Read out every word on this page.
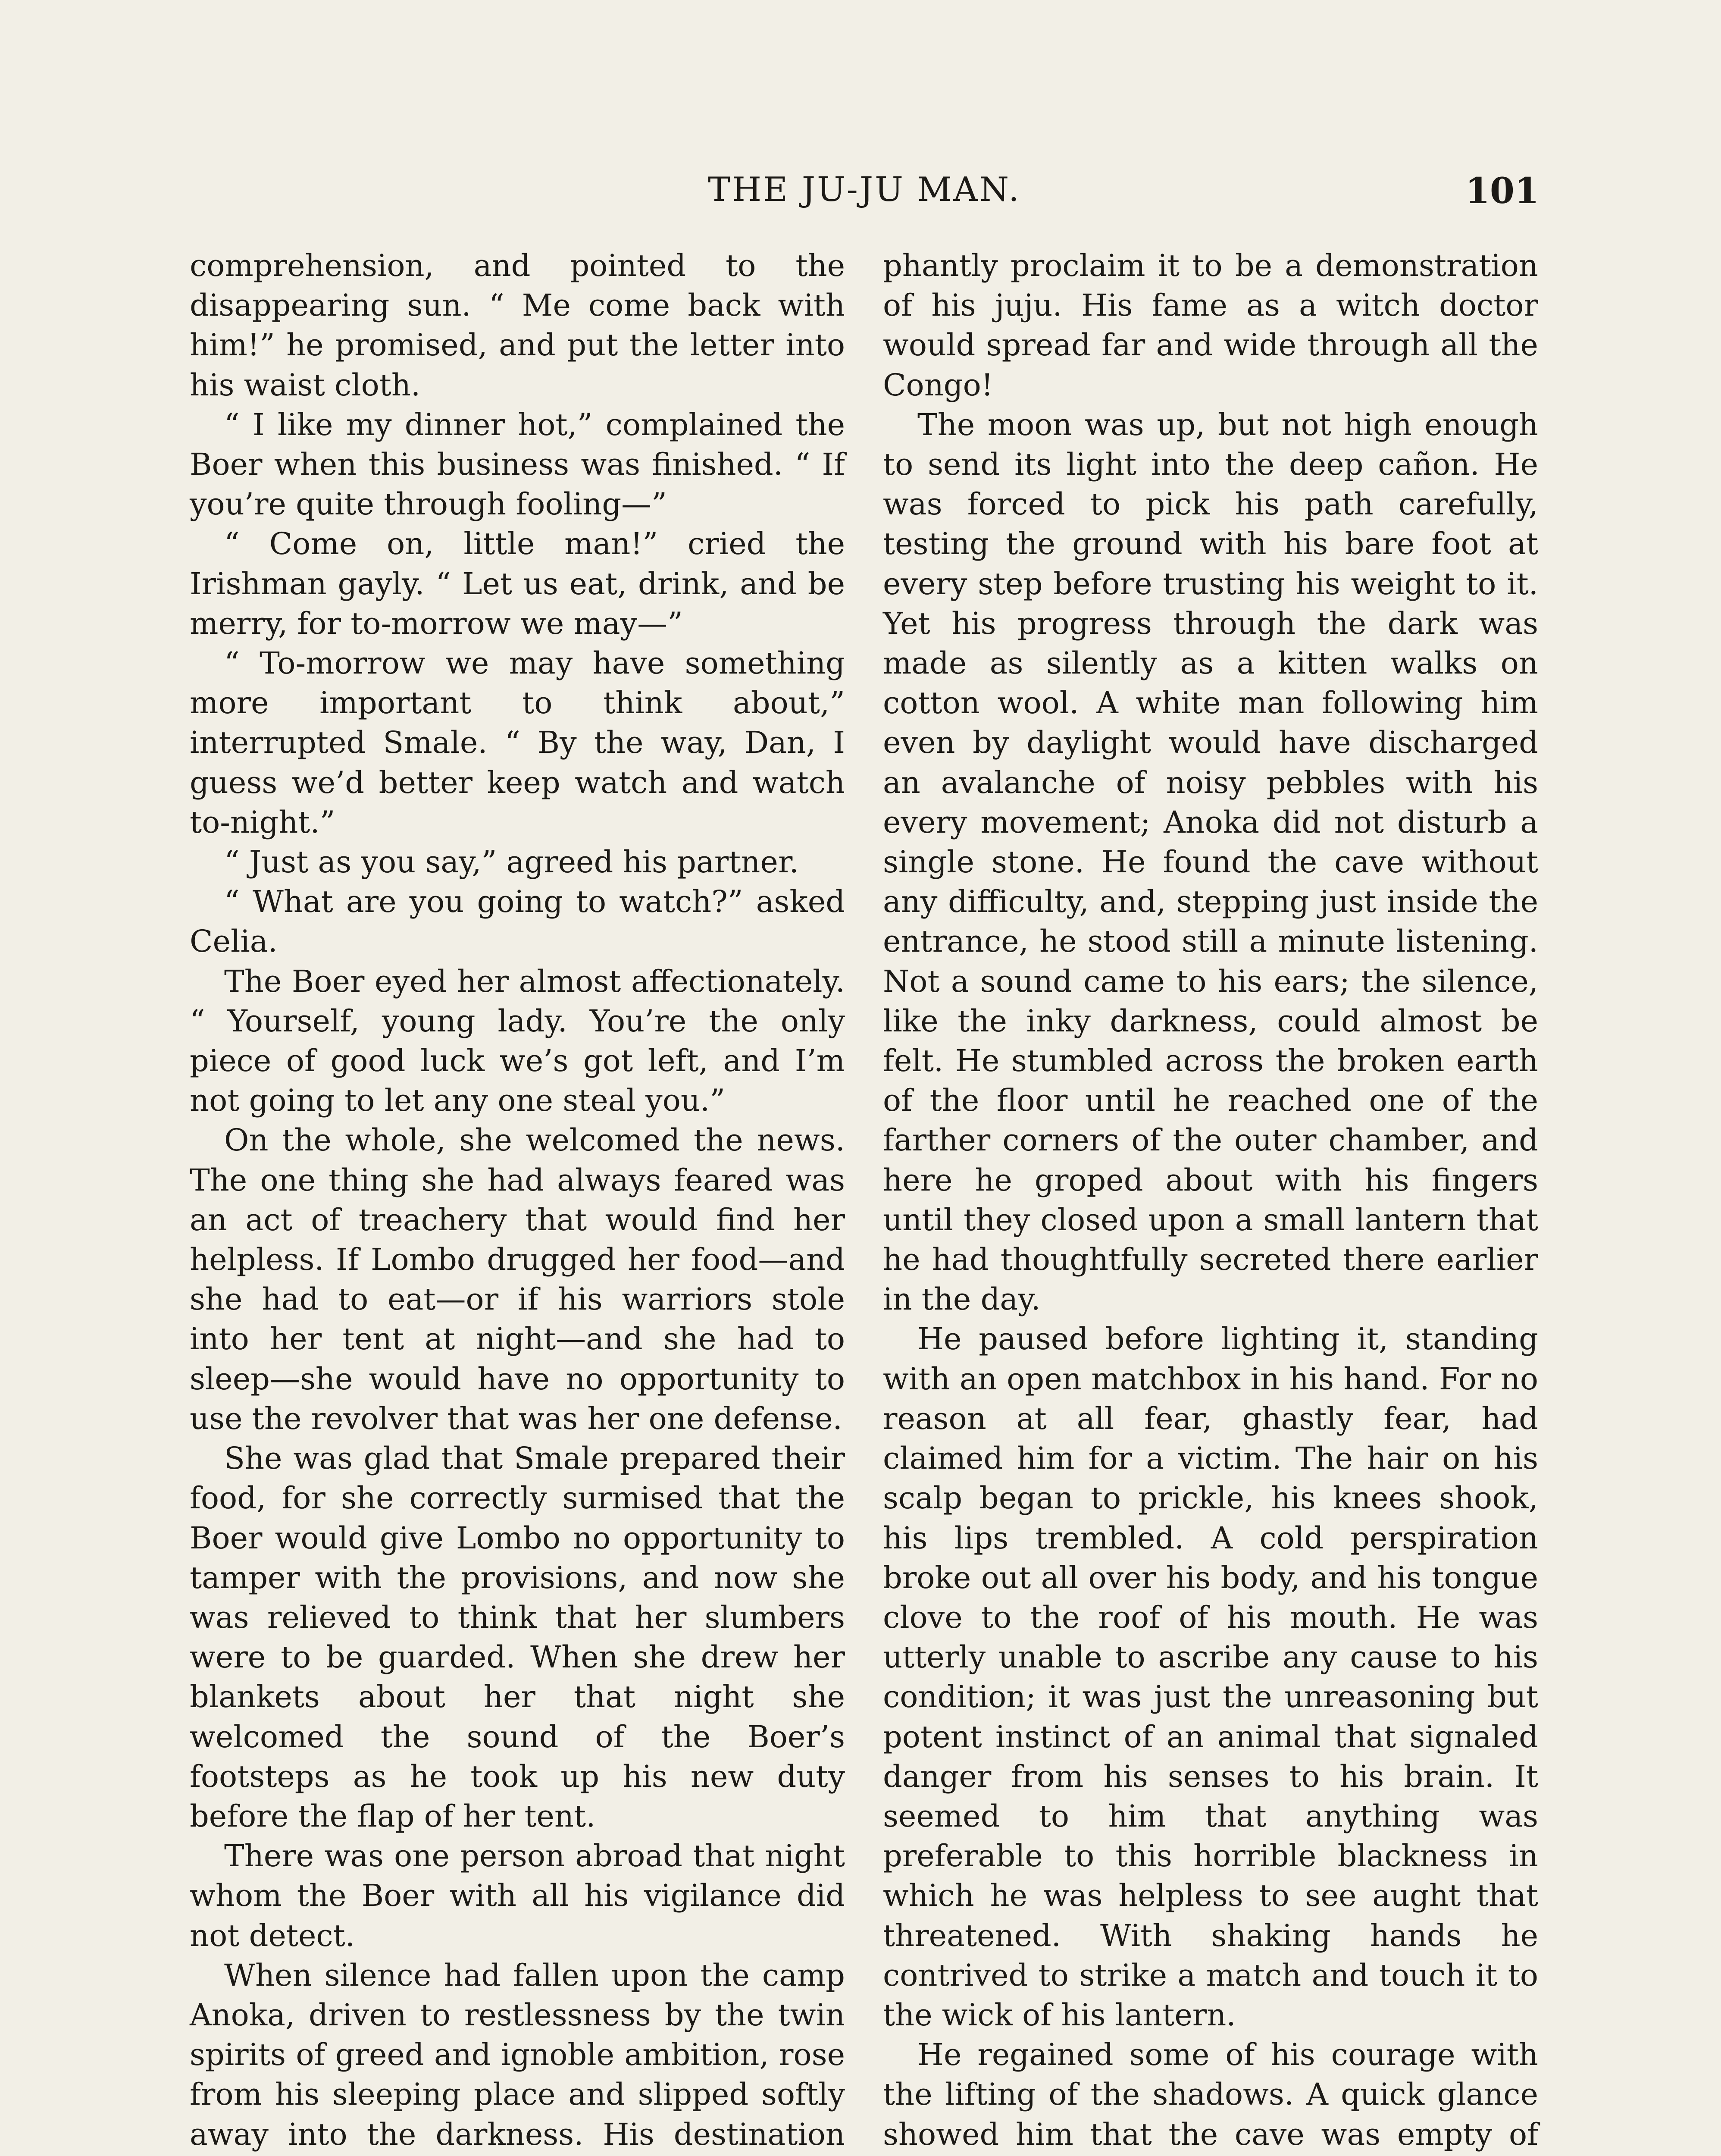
THE JU-JU MAN.	101

comprehension, and pointed to the disappearing sun. “ Me come back with him!” he promised, and put the letter into his waist cloth.

“ I like my dinner hot,” complained the Boer when this business was finished. “ If you’re quite through fooling—”

“ Come on, little man!” cried the Irishman gayly. “ Let us eat, drink, and be merry, for to-morrow we may—”

“ To-morrow we may have something more important to think about,” interrupted Smale. “ By the way, Dan, I guess we’d better keep watch and watch to-night.”

“ Just as you say,” agreed his partner.

“ What are you going to watch?” asked Celia.

The Boer eyed her almost affectionately. “ Yourself, young lady. You’re the only piece of good luck we’s got left, and I’m not going to let any one steal you.”

On the whole, she welcomed the news. The one thing she had always feared was an act of treachery that would find her helpless. If Lombo drugged her food—and she had to eat—or if his warriors stole into her tent at night—and she had to sleep—she would have no opportunity to use the revolver that was her one defense.

She was glad that Smale prepared their food, for she correctly surmised that the Boer would give Lombo no opportunity to tamper with the provisions, and now she was relieved to think that her slumbers were to be guarded. When she drew her blankets about her that night she welcomed the sound of the Boer’s footsteps as he took up his new duty before the flap of her tent.

There was one person abroad that night whom the Boer with all his vigilance did not detect.

When silence had fallen upon the camp Anoka, driven to restlessness by the twin spirits of greed and ignoble ambition, rose from his sleeping place and slipped softly away into the darkness. His destination

phantly proclaim it to be a demonstration of his juju. His fame as a witch doctor would spread far and wide through all the Congo!

The moon was up, but not high enough to send its light into the deep cañon. He was forced to pick his path carefully, testing the ground with his bare foot at every step before trusting his weight to it. Yet his progress through the dark was made as silently as a kitten walks on cotton wool. A white man following him even by daylight would have discharged an avalanche of noisy pebbles with his every movement; Anoka did not disturb a single stone. He found the cave without any difficulty, and, stepping just inside the entrance, he stood still a minute listening. Not a sound came to his ears; the silence, like the inky darkness, could almost be felt. He stumbled across the broken earth of the floor until he reached one of the farther corners of the outer chamber, and here he groped about with his fingers until they closed upon a small lantern that he had thoughtfully secreted there earlier in the day.

He paused before lighting it, standing with an open matchbox in his hand. For no reason at all fear, ghastly fear, had claimed him for a victim. The hair on his scalp began to prickle, his knees shook, his lips trembled. A cold perspiration broke out all over his body, and his tongue clove to the roof of his mouth. He was utterly unable to ascribe any cause to his condition; it was just the unreasoning but potent instinct of an animal that signaled danger from his senses to his brain. It seemed to him that anything was preferable to this horrible blackness in which he was helpless to see aught that threatened. With shaking hands he contrived to strike a match and touch it to the wick of his lantern.

He regained some of his courage with the lifting of the shadows. A quick glance showed him that the cave was empty of
